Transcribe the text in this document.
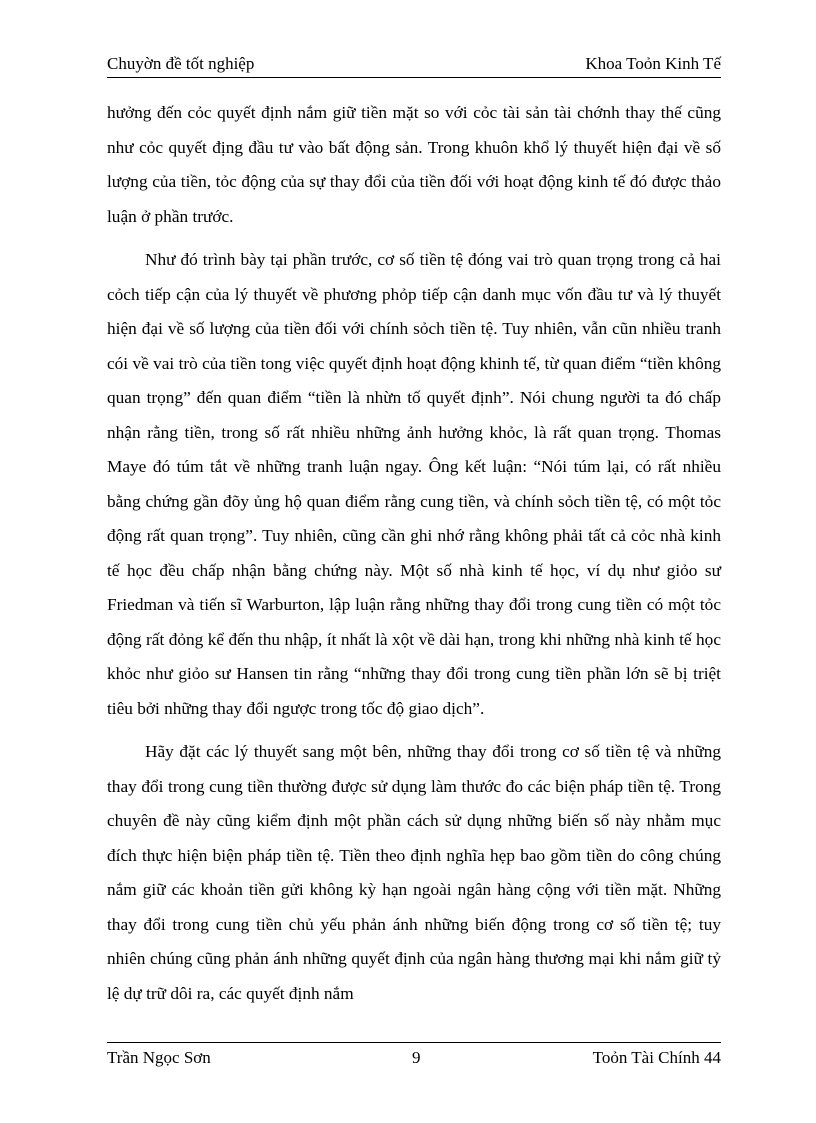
Chuyờn đề tốt nghiệp	Khoa Toỏn Kinh Tế

hưởng đến cỏc quyết định nắm giữ tiền mặt so với cỏc tài sản tài chớnh thay thế cũng như cỏc quyết địng đầu tư vào bất động sản. Trong khuôn khổ lý thuyết hiện đại về số lượng của tiền, tỏc động của sự thay đổi của tiền đối với hoạt động kinh tế đó được thảo luận ở phần trước.

Như đó trình bày tại phần trước, cơ số tiền tệ đóng vai trò quan trọng trong cả hai cỏch tiếp cận của lý thuyết về phương phỏp tiếp cận danh mục vốn đầu tư và lý thuyết hiện đại về số lượng của tiền đối với chính sỏch tiền tệ. Tuy nhiên, vẫn cũn nhiều tranh cói về vai trò của tiền tong việc quyết định hoạt động khinh tế, từ quan điểm “tiền không quan trọng” đến quan điểm “tiền là nhừn tố quyết định”. Nói chung người ta đó chấp nhận rằng tiền, trong số rất nhiều những ảnh hưởng khỏc, là rất quan trọng. Thomas Maye đó túm tắt về những tranh luận ngay. Ông kết luận: “Nói túm lại, có rất nhiều bằng chứng gần đõy ủng hộ quan điểm rằng cung tiền, và chính sỏch tiền tệ, có một tỏc động rất quan trọng”. Tuy nhiên, cũng cần ghi nhớ rằng không phải tất cả cỏc nhà kinh tế học đều chấp nhận bằng chứng này. Một số nhà kinh tế học, ví dụ như giỏo sư Friedman và tiến sĩ Warburton, lập luận rằng những thay đổi trong cung tiền có một tỏc động rất đỏng kể đến thu nhập, ít nhất là xột về dài hạn, trong khi những nhà kinh tế học khỏc như giỏo sư Hansen tin rằng “những thay đổi trong cung tiền phần lớn sẽ bị triệt tiêu bởi những thay đổi ngược trong tốc độ giao dịch”.

Hãy đặt các lý thuyết sang một bên, những thay đổi trong cơ số tiền tệ và những thay đổi trong cung tiền thường được sử dụng làm thước đo các biện pháp tiền tệ. Trong chuyên đề này cũng kiểm định một phần cách sử dụng những biến số này nhằm mục đích thực hiện biện pháp tiền tệ. Tiền theo định nghĩa hẹp bao gồm tiền do công chúng nắm giữ các khoản tiền gửi không kỳ hạn ngoài ngân hàng cộng với tiền mặt. Những thay đổi trong cung tiền chủ yếu phản ánh những biến động trong cơ số tiền tệ; tuy nhiên chúng cũng phản ánh những quyết định của ngân hàng thương mại khi nắm giữ tỷ lệ dự trữ dôi ra, các quyết định nắm

Trần Ngọc Sơn	9	Toỏn Tài Chính 44
